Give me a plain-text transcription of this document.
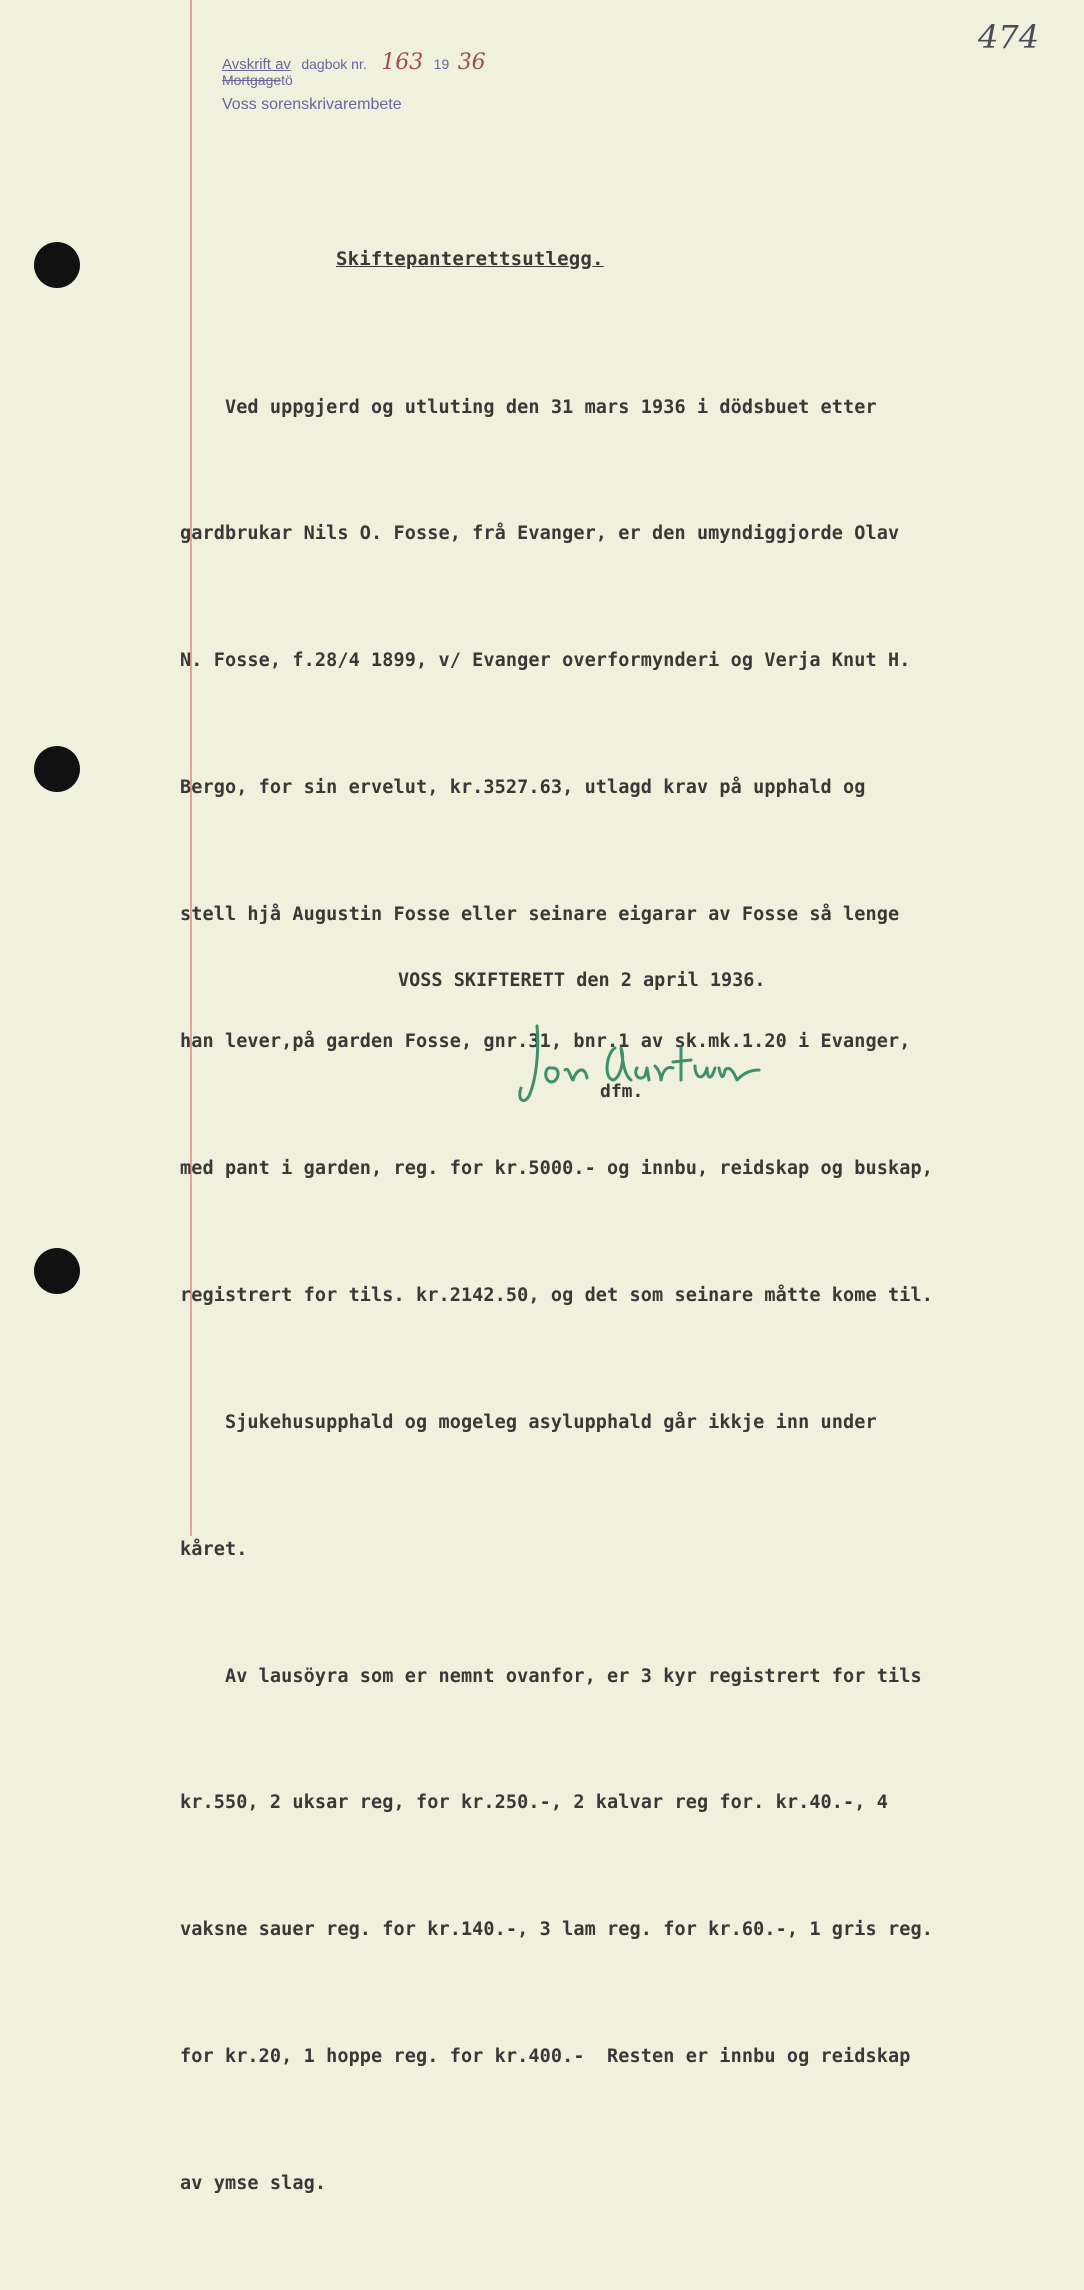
Avskrift av dagbok nr. 163 19 36
Mortgagetö
Voss sorenskrivarembete
474
Skiftepanterettsutlegg.

Ved uppgjerd og utluting den 31 mars 1936 i dödsbuet etter

gardbrukar Nils O. Fosse, frå Evanger, er den umyndiggjorde Olav

N. Fosse, f.28/4 1899, v/ Evanger overformynderi og Verja Knut H.

Bergo, for sin ervelut, kr.3527.63, utlagd krav på upphald og

stell hjå Augustin Fosse eller seinare eigarar av Fosse så lenge

han lever,på garden Fosse, gnr.31, bnr.1 av sk.mk.1.20 i Evanger,

med pant i garden, reg. for kr.5000.- og innbu, reidskap og buskap,

registrert for tils. kr.2142.50, og det som seinare måtte kome til.

Sjukehusupphald og mogeleg asylupphald går ikkje inn under

kåret.

Av lausöyra som er nemnt ovanfor, er 3 kyr registrert for tils

kr.550, 2 uksar reg, for kr.250.-, 2 kalvar reg for. kr.40.-, 4

vaksne sauer reg. for kr.140.-, 3 lam reg. for kr.60.-, 1 gris reg.

for kr.20, 1 hoppe reg. for kr.400.-  Resten er innbu og reidskap

av ymse slag.

VOSS SKIFTERETT den 2 april 1936.
dfm.
